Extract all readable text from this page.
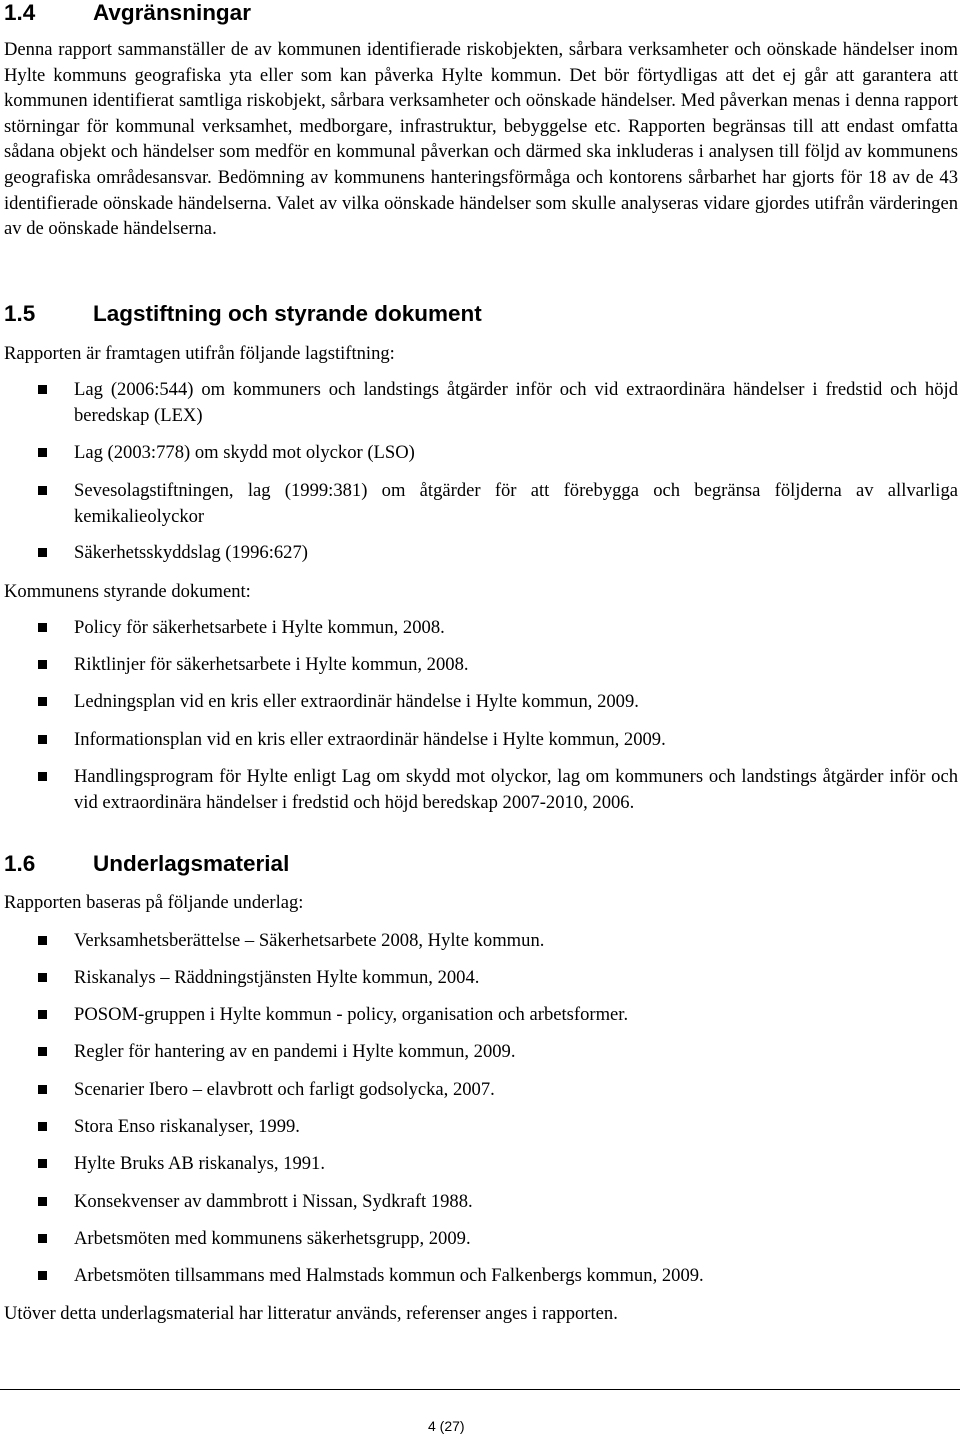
1.4	Avgränsningar

Denna rapport sammanställer de av kommunen identifierade riskobjekten, sårbara verksamheter och oönskade händelser inom Hylte kommuns geografiska yta eller som kan påverka Hylte kommun. Det bör förtydligas att det ej går att garantera att kommunen identifierat samtliga riskobjekt, sårbara verksamheter och oönskade händelser. Med påverkan menas i denna rapport störningar för kommunal verksamhet, medborgare, infrastruktur, bebyggelse etc. Rapporten begränsas till att endast omfatta sådana objekt och händelser som medför en kommunal påverkan och därmed ska inkluderas i analysen till följd av kommunens geografiska områdesansvar. Bedömning av kommunens hanteringsförmåga och kontorens sårbarhet har gjorts för 18 av de 43 identifierade oönskade händelserna. Valet av vilka oönskade händelser som skulle analyseras vidare gjordes utifrån värderingen av de oönskade händelserna.

1.5	Lagstiftning och styrande dokument

Rapporten är framtagen utifrån följande lagstiftning:

Lag (2006:544) om kommuners och landstings åtgärder inför och vid extraordinära händelser i fredstid och höjd beredskap (LEX)
Lag (2003:778) om skydd mot olyckor (LSO)
Sevesolagstiftningen, lag (1999:381) om åtgärder för att förebygga och begränsa följderna av allvarliga kemikalieolyckor
Säkerhetsskyddslag (1996:627)

Kommunens styrande dokument:

Policy för säkerhetsarbete i Hylte kommun, 2008.
Riktlinjer för säkerhetsarbete i Hylte kommun, 2008.
Ledningsplan vid en kris eller extraordinär händelse i Hylte kommun, 2009.
Informationsplan vid en kris eller extraordinär händelse i Hylte kommun, 2009.
Handlingsprogram för Hylte enligt Lag om skydd mot olyckor, lag om kommuners och landstings åtgärder inför och vid extraordinära händelser i fredstid och höjd beredskap 2007-2010, 2006.
1.6	Underlagsmaterial

Rapporten baseras på följande underlag:

Verksamhetsberättelse – Säkerhetsarbete 2008, Hylte kommun.
Riskanalys – Räddningstjänsten Hylte kommun, 2004.
POSOM-gruppen i Hylte kommun - policy, organisation och arbetsformer.
Regler för hantering av en pandemi i Hylte kommun, 2009.
Scenarier Ibero – elavbrott och farligt godsolycka, 2007.
Stora Enso riskanalyser, 1999.
Hylte Bruks AB riskanalys, 1991.
Konsekvenser av dammbrott i Nissan, Sydkraft 1988.
Arbetsmöten med kommunens säkerhetsgrupp, 2009.
Arbetsmöten tillsammans med Halmstads kommun och Falkenbergs kommun, 2009.

Utöver detta underlagsmaterial har litteratur används, referenser anges i rapporten.

4 (27)
